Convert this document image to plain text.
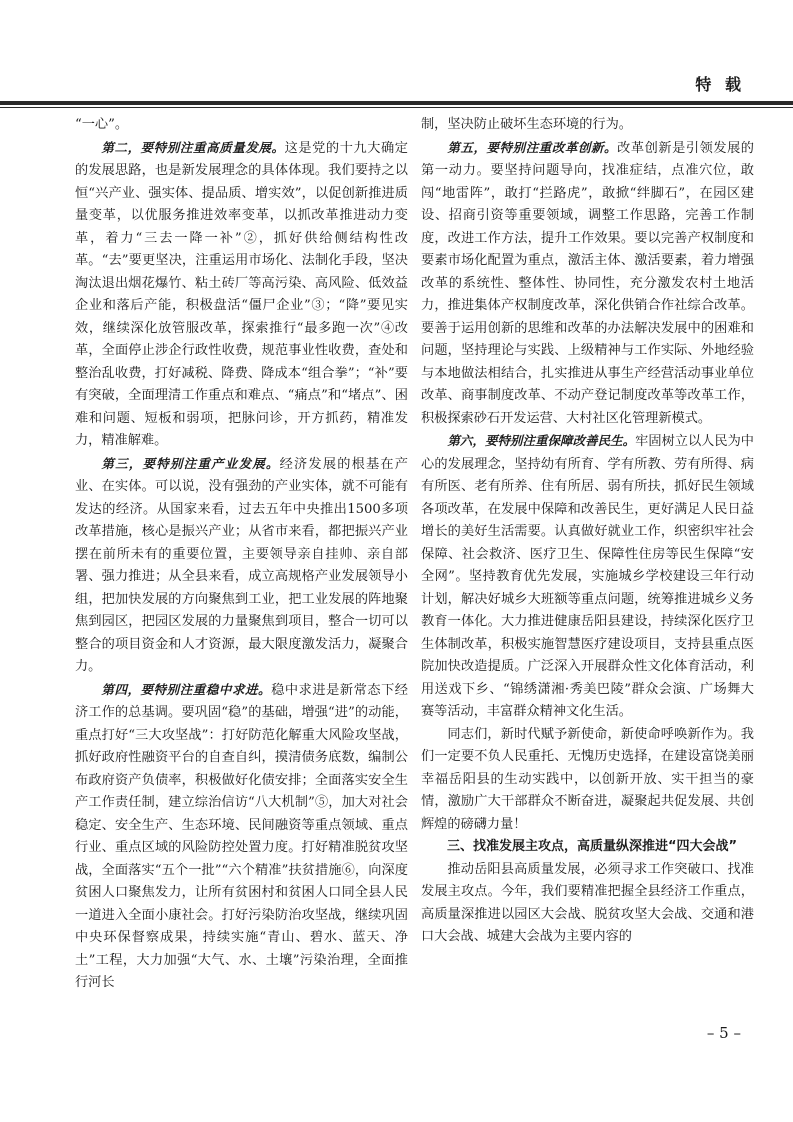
特 载

“一心”。

第二，要特别注重高质量发展。这是党的十九大确定的发展思路，也是新发展理念的具体体现。我们要持之以恒“兴产业、强实体、提品质、增实效”，以促创新推进质量变革，以优服务推进效率变革，以抓改革推进动力变革，着力“三去一降一补”②，抓好供给侧结构性改革。“去”要更坚决，注重运用市场化、法制化手段，坚决淘汰退出烟花爆竹、粘土砖厂等高污染、高风险、低效益企业和落后产能，积极盘活“僵尸企业”③；“降”要见实效，继续深化放管服改革，探索推行“最多跑一次”④改革，全面停止涉企行政性收费，规范事业性收费，查处和整治乱收费，打好减税、降费、降成本“组合拳”；“补”要有突破，全面理清工作重点和难点、“痛点”和“堵点”、困难和问题、短板和弱项，把脉问诊，开方抓药，精准发力，精准解难。

第三，要特别注重产业发展。经济发展的根基在产业、在实体。可以说，没有强劲的产业实体，就不可能有发达的经济。从国家来看，过去五年中央推出1500多项改革措施，核心是振兴产业；从省市来看，都把振兴产业摆在前所未有的重要位置，主要领导亲自挂帅、亲自部署、强力推进；从全县来看，成立高规格产业发展领导小组，把加快发展的方向聚焦到工业，把工业发展的阵地聚焦到园区，把园区发展的力量聚焦到项目，整合一切可以整合的项目资金和人才资源，最大限度激发活力，凝聚合力。

第四，要特别注重稳中求进。稳中求进是新常态下经济工作的总基调。要巩固“稳”的基础，增强“进”的动能，重点打好“三大攻坚战”：打好防范化解重大风险攻坚战，抓好政府性融资平台的自查自纠，摸清债务底数，编制公布政府资产负债率，积极做好化债安排；全面落实安全生产工作责任制，建立综治信访“八大机制”⑤，加大对社会稳定、安全生产、生态环境、民间融资等重点领域、重点行业、重点区域的风险防控处置力度。打好精准脱贫攻坚战，全面落实“五个一批”“六个精准”扶贫措施⑥，向深度贫困人口聚焦发力，让所有贫困村和贫困人口同全县人民一道进入全面小康社会。打好污染防治攻坚战，继续巩固中央环保督察成果，持续实施“青山、碧水、蓝天、净土”工程，大力加强“大气、水、土壤”污染治理，全面推行河长

制，坚决防止破坏生态环境的行为。

第五，要特别注重改革创新。改革创新是引领发展的第一动力。要坚持问题导向，找准症结，点准穴位，敢闯“地雷阵”，敢打“拦路虎”，敢掀“绊脚石”，在园区建设、招商引资等重要领域，调整工作思路，完善工作制度，改进工作方法，提升工作效果。要以完善产权制度和要素市场化配置为重点，激活主体、激活要素，着力增强改革的系统性、整体性、协同性，充分激发农村土地活力，推进集体产权制度改革，深化供销合作社综合改革。要善于运用创新的思维和改革的办法解决发展中的困难和问题，坚持理论与实践、上级精神与工作实际、外地经验与本地做法相结合，扎实推进从事生产经营活动事业单位改革、商事制度改革、不动产登记制度改革等改革工作，积极探索砂石开发运营、大村社区化管理新模式。

第六，要特别注重保障改善民生。牢固树立以人民为中心的发展理念，坚持幼有所育、学有所教、劳有所得、病有所医、老有所养、住有所居、弱有所扶，抓好民生领域各项改革，在发展中保障和改善民生，更好满足人民日益增长的美好生活需要。认真做好就业工作，织密织牢社会保障、社会救济、医疗卫生、保障性住房等民生保障“安全网”。坚持教育优先发展，实施城乡学校建设三年行动计划，解决好城乡大班额等重点问题，统筹推进城乡义务教育一体化。大力推进健康岳阳县建设，持续深化医疗卫生体制改革，积极实施智慧医疗建设项目，支持县重点医院加快改造提质。广泛深入开展群众性文化体育活动，利用送戏下乡、“锦绣潇湘·秀美巴陵”群众会演、广场舞大赛等活动，丰富群众精神文化生活。

同志们，新时代赋予新使命，新使命呼唤新作为。我们一定要不负人民重托、无愧历史选择，在建设富饶美丽幸福岳阳县的生动实践中，以创新开放、实干担当的豪情，激励广大干部群众不断奋进，凝聚起共促发展、共创辉煌的磅礴力量！

三、找准发展主攻点，高质量纵深推进“四大会战”

推动岳阳县高质量发展，必须寻求工作突破口、找准发展主攻点。今年，我们要精准把握全县经济工作重点，高质量深推进以园区大会战、脱贫攻坚大会战、交通和港口大会战、城建大会战为主要内容的

– 5 –
